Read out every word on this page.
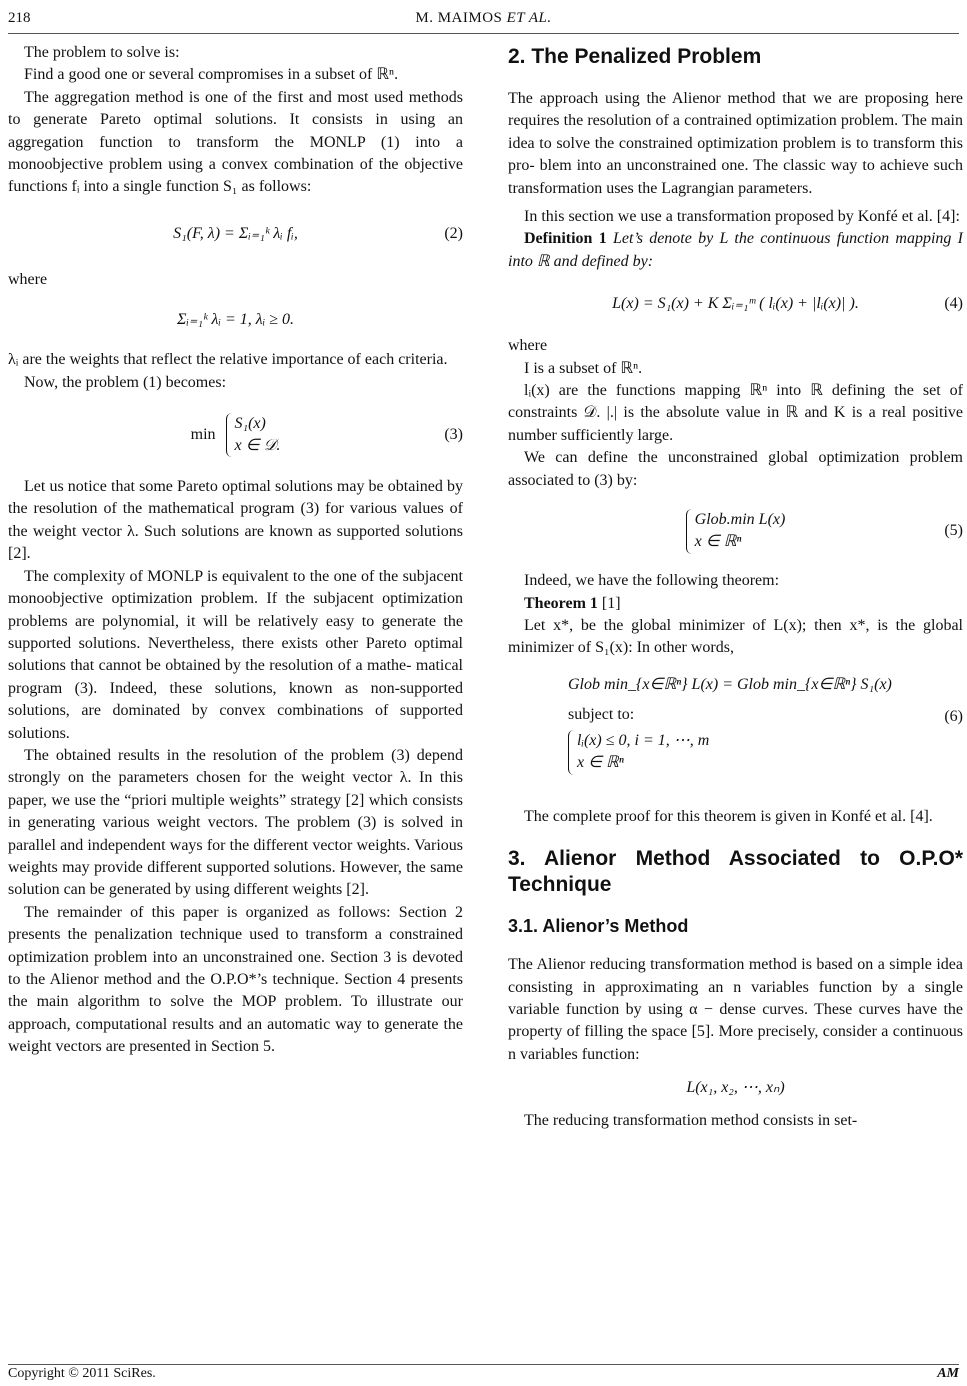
218	M. MAIMOS ET AL.

The problem to solve is:

Find a good one or several compromises in a subset of ℝⁿ.

The aggregation method is one of the first and most used methods to generate Pareto optimal solutions. It consists in using an aggregation function to transform the MONLP (1) into a monoobjective problem using a convex combination of the objective functions fᵢ into a single function S₁ as follows:

S₁(F, λ) = Σᵢ₌₁ᵏ λᵢ fᵢ,	(2)

where

Σᵢ₌₁ᵏ λᵢ = 1, λᵢ ≥ 0.

λᵢ are the weights that reflect the relative importance of each criteria.

Now, the problem (1) becomes:

min
S₁(x)
x ∈ 𝒟.
(3)

Let us notice that some Pareto optimal solutions may be obtained by the resolution of the mathematical program (3) for various values of the weight vector λ. Such solutions are known as supported solutions [2].

The complexity of MONLP is equivalent to the one of the subjacent monoobjective optimization problem. If the subjacent optimization problems are polynomial, it will be relatively easy to generate the supported solutions. Nevertheless, there exists other Pareto optimal solutions that cannot be obtained by the resolution of a mathe- matical program (3). Indeed, these solutions, known as non-supported solutions, are dominated by convex combinations of supported solutions.

The obtained results in the resolution of the problem (3) depend strongly on the parameters chosen for the weight vector λ. In this paper, we use the “priori multiple weights” strategy [2] which consists in generating various weight vectors. The problem (3) is solved in parallel and independent ways for the different vector weights. Various weights may provide different supported solutions. However, the same solution can be generated by using different weights [2].

The remainder of this paper is organized as follows: Section 2 presents the penalization technique used to transform a constrained optimization problem into an unconstrained one. Section 3 is devoted to the Alienor method and the O.P.O*’s technique. Section 4 presents the main algorithm to solve the MOP problem. To illustrate our approach, computational results and an automatic way to generate the weight vectors are presented in Section 5.

2. The Penalized Problem

The approach using the Alienor method that we are proposing here requires the resolution of a contrained optimization problem. The main idea to solve the constrained optimization problem is to transform this pro- blem into an unconstrained one. The classic way to achieve such transformation uses the Lagrangian parameters.

In this section we use a transformation proposed by Konfé et al. [4]:

Definition 1 Let’s denote by L the continuous function mapping I into ℝ and defined by:

L(x) = S₁(x) + K Σᵢ₌₁ᵐ ( lᵢ(x) + |lᵢ(x)| ).	(4)

where

I is a subset of ℝⁿ.

lᵢ(x) are the functions mapping ℝⁿ into ℝ defining the set of constraints 𝒟. |.| is the absolute value in ℝ and K is a real positive number sufficiently large.

We can define the unconstrained global optimization problem associated to (3) by:

Glob.min L(x)
x ∈ ℝⁿ
(5)

Indeed, we have the following theorem:

Theorem 1 [1]

Let x*, be the global minimizer of L(x); then x*, is the global minimizer of S₁(x): In other words,

Glob min_{x∈ℝⁿ} L(x) = Glob min_{x∈ℝⁿ} S₁(x)
subject to:	(6)
lᵢ(x) ≤ 0, i = 1, ⋯, m
x ∈ ℝⁿ

The complete proof for this theorem is given in Konfé et al. [4].

3. Alienor Method Associated to O.P.O* Technique
3.1. Alienor’s Method

The Alienor reducing transformation method is based on a simple idea consisting in approximating an n variables function by a single variable function by using α − dense curves. These curves have the property of filling the space [5]. More precisely, consider a continuous n variables function:

L(x₁, x₂, ⋯, xₙ)

The reducing transformation method consists in set-

Copyright © 2011 SciRes.	AM
